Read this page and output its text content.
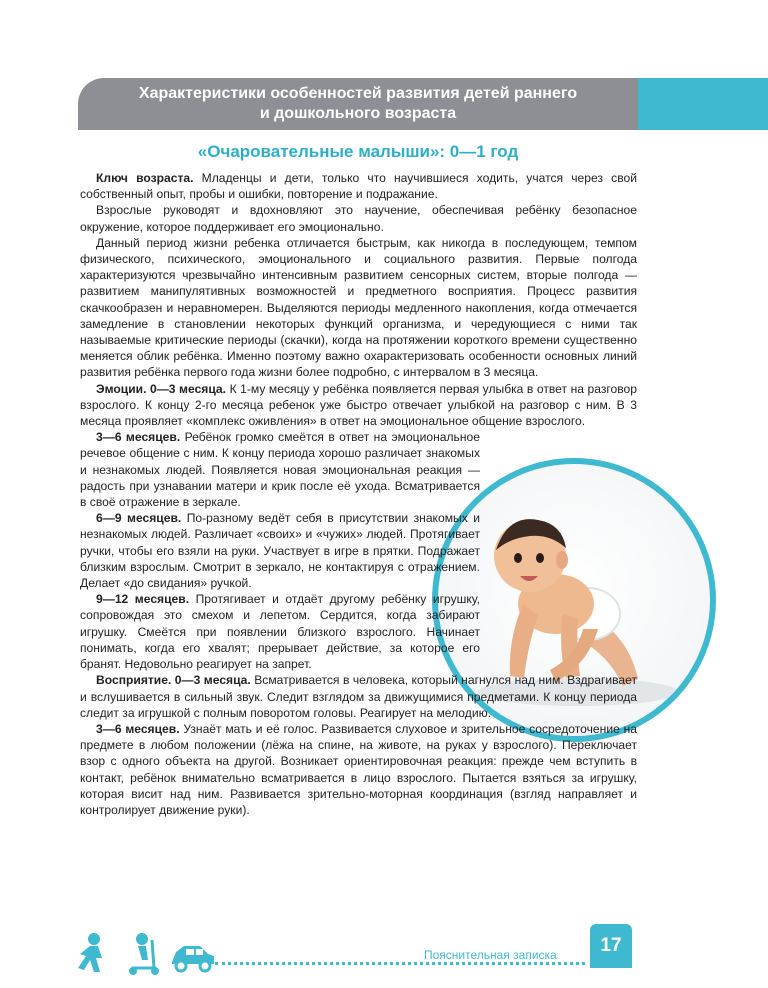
Характеристики особенностей развития детей раннего
и дошкольного возраста
«Очаровательные малыши»: 0—1 год

Ключ возраста. Младенцы и дети, только что научившиеся ходить, учатся через свой собственный опыт, пробы и ошибки, повторение и подражание.

Взрослые руководят и вдохновляют это научение, обеспечивая ребёнку безопасное окружение, которое поддерживает его эмоционально.

Данный период жизни ребенка отличается быстрым, как никогда в последующем, темпом физического, психического, эмоционального и социального развития. Первые полгода характеризуются чрезвычайно интенсивным развитием сенсорных систем, вторые полгода — развитием манипулятивных возможностей и предметного восприятия. Процесс развития скачкообразен и неравномерен. Выделяются периоды медленного накопления, когда отмечается замедление в становлении некоторых функций организма, и чередующиеся с ними так называемые критические периоды (скачки), когда на протяжении короткого времени существенно меняется облик ребёнка. Именно поэтому важно охарактеризовать особенности основных линий развития ребёнка первого года жизни более подробно, с интервалом в 3 месяца.

Эмоции. 0—3 месяца. К 1-му месяцу у ребёнка появляется первая улыбка в ответ на разговор взрослого. К концу 2-го месяца ребенок уже быстро отвечает улыбкой на разговор с ним. В 3 месяца проявляет «комплекс оживления» в ответ на эмоциональное общение взрослого.

3—6 месяцев. Ребёнок громко смеётся в ответ на эмоциональное речевое общение с ним. К концу периода хорошо различает знакомых и незнакомых людей. Появляется новая эмоциональная реакция — радость при узнавании матери и крик после её ухода. Всматривается в своё отражение в зеркале.

6—9 месяцев. По-разному ведёт себя в присутствии знакомых и незнакомых людей. Различает «своих» и «чужих» людей. Протягивает ручки, чтобы его взяли на руки. Участвует в игре в прятки. Подражает близким взрослым. Смотрит в зеркало, не контактируя с отражением. Делает «до свидания» ручкой.

9—12 месяцев. Протягивает и отдаёт другому ребёнку игрушку, сопровождая это смехом и лепетом. Сердится, когда забирают игрушку. Смеётся при появлении близкого взрослого. Начинает понимать, когда его хвалят; прерывает действие, за которое его бранят. Недовольно реагирует на запрет.

Восприятие. 0—3 месяца. Всматривается в человека, который нагнулся над ним. Вздрагивает и вслушивается в сильный звук. Следит взглядом за движущимися предметами. К концу периода следит за игрушкой с полным поворотом головы. Реагирует на мелодию.

3—6 месяцев. Узнаёт мать и её голос. Развивается слуховое и зрительное сосредоточение на предмете в любом положении (лёжа на спине, на животе, на руках у взрослого). Переключает взор с одного объекта на другой. Возникает ориентировочная реакция: прежде чем вступить в контакт, ребёнок внимательно всматривается в лицо взрослого. Пытается взяться за игрушку, которая висит над ним. Развивается зрительно-моторная координация (взгляд направляет и контролирует движение руки).

Пояснительная записка	17
